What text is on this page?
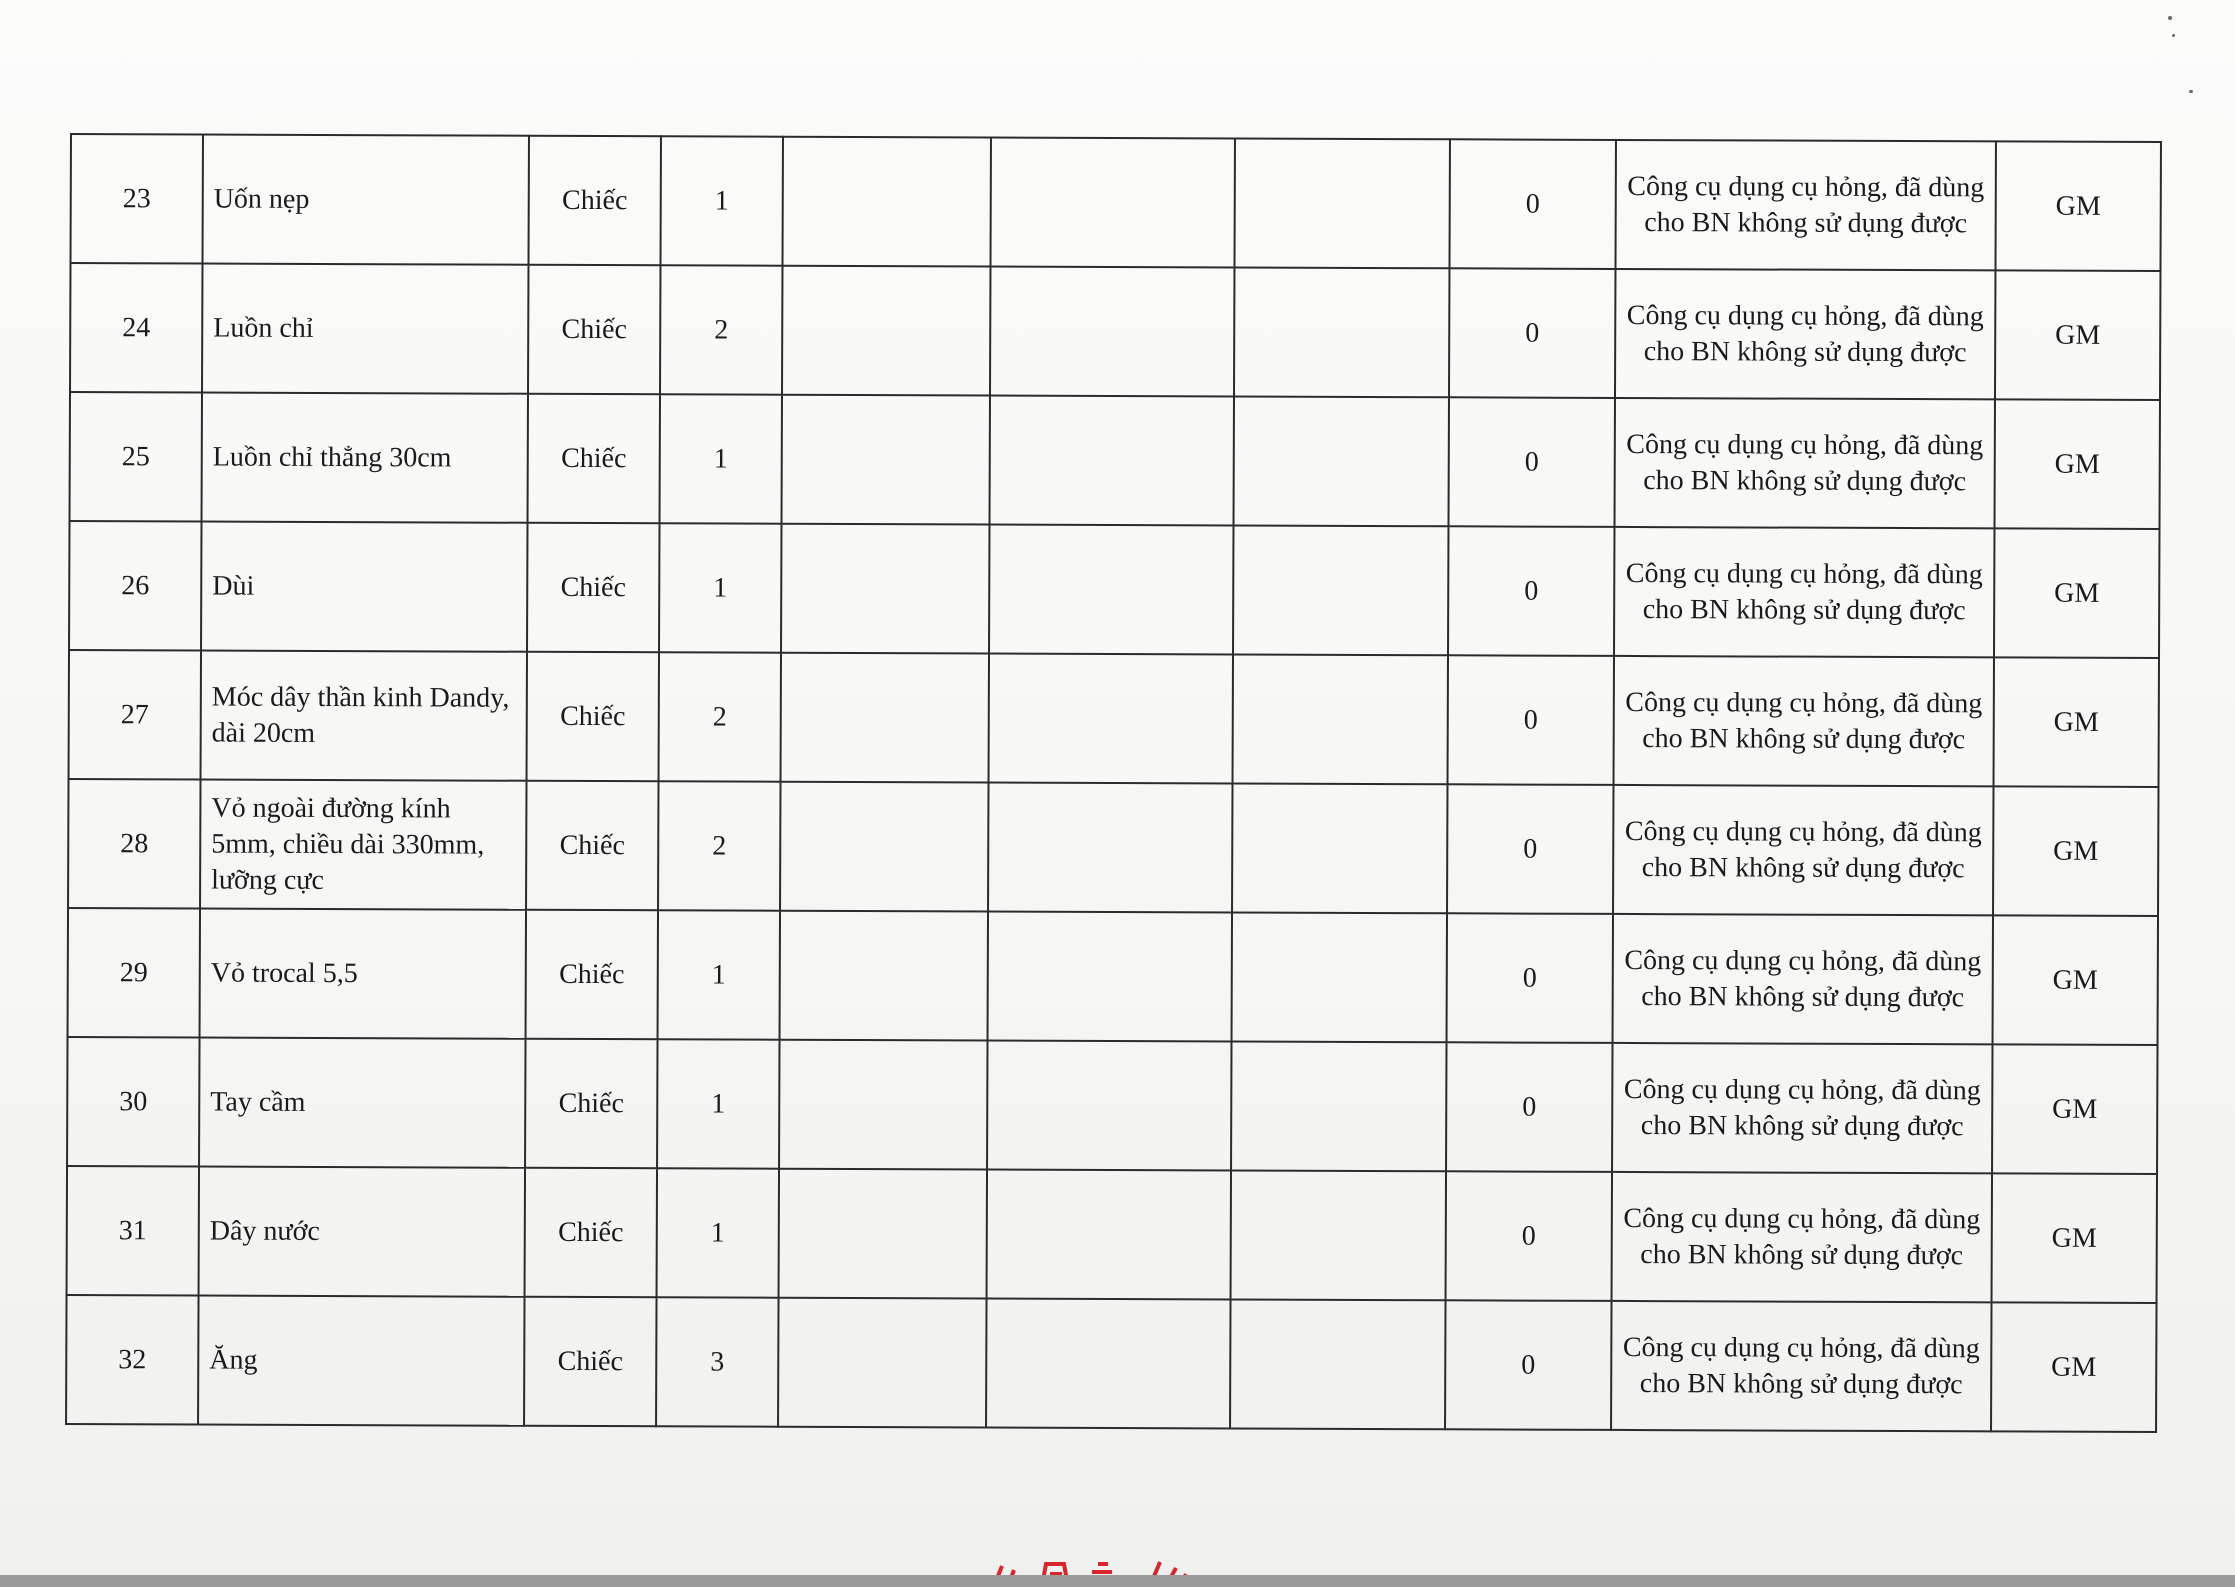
23	Uốn nẹp	Chiếc	1				0	Công cụ dụng cụ hỏng, đã dùng cho BN không sử dụng được	GM
24	Luồn chỉ	Chiếc	2				0	Công cụ dụng cụ hỏng, đã dùng cho BN không sử dụng được	GM
25	Luồn chỉ thẳng 30cm	Chiếc	1				0	Công cụ dụng cụ hỏng, đã dùng cho BN không sử dụng được	GM
26	Dùi	Chiếc	1				0	Công cụ dụng cụ hỏng, đã dùng cho BN không sử dụng được	GM
27	Móc dây thần kinh Dandy, dài 20cm	Chiếc	2				0	Công cụ dụng cụ hỏng, đã dùng cho BN không sử dụng được	GM
28	Vỏ ngoài đường kính 5mm, chiều dài 330mm, lưỡng cực	Chiếc	2				0	Công cụ dụng cụ hỏng, đã dùng cho BN không sử dụng được	GM
29	Vỏ trocal 5,5	Chiếc	1				0	Công cụ dụng cụ hỏng, đã dùng cho BN không sử dụng được	GM
30	Tay cầm	Chiếc	1				0	Công cụ dụng cụ hỏng, đã dùng cho BN không sử dụng được	GM
31	Dây nước	Chiếc	1				0	Công cụ dụng cụ hỏng, đã dùng cho BN không sử dụng được	GM
32	Ăng	Chiếc	3				0	Công cụ dụng cụ hỏng, đã dùng cho BN không sử dụng được	GM
